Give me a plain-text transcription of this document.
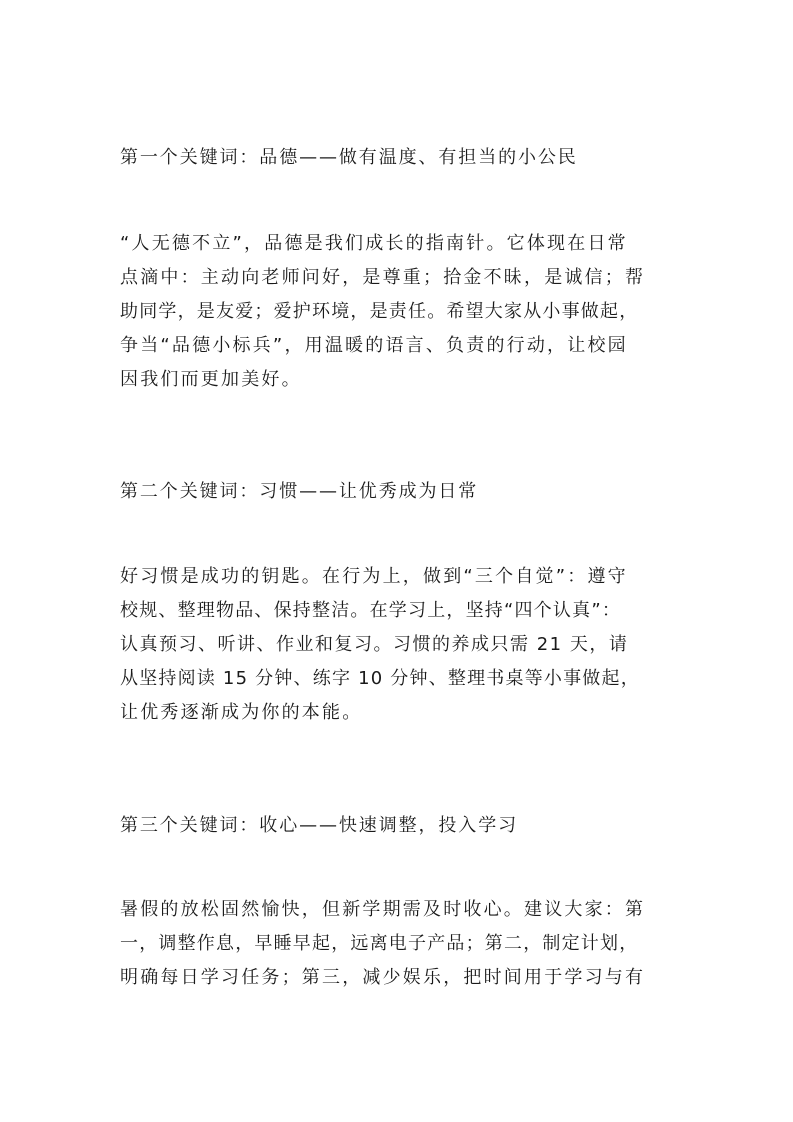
第一个关键词：品德——做有温度、有担当的小公民
“人无德不立”，品德是我们成长的指南针。它体现在日常
点滴中：主动向老师问好，是尊重；拾金不昧，是诚信；帮
助同学，是友爱；爱护环境，是责任。希望大家从小事做起，
争当“品德小标兵”，用温暖的语言、负责的行动，让校园
因我们而更加美好。
第二个关键词：习惯——让优秀成为日常
好习惯是成功的钥匙。在行为上，做到“三个自觉”：遵守
校规、整理物品、保持整洁。在学习上，坚持“四个认真”：
认真预习、听讲、作业和复习。习惯的养成只需 21 天，请
从坚持阅读 15 分钟、练字 10 分钟、整理书桌等小事做起，
让优秀逐渐成为你的本能。
第三个关键词：收心——快速调整，投入学习
暑假的放松固然愉快，但新学期需及时收心。建议大家：第
一，调整作息，早睡早起，远离电子产品；第二，制定计划，
明确每日学习任务；第三，减少娱乐，把时间用于学习与有
